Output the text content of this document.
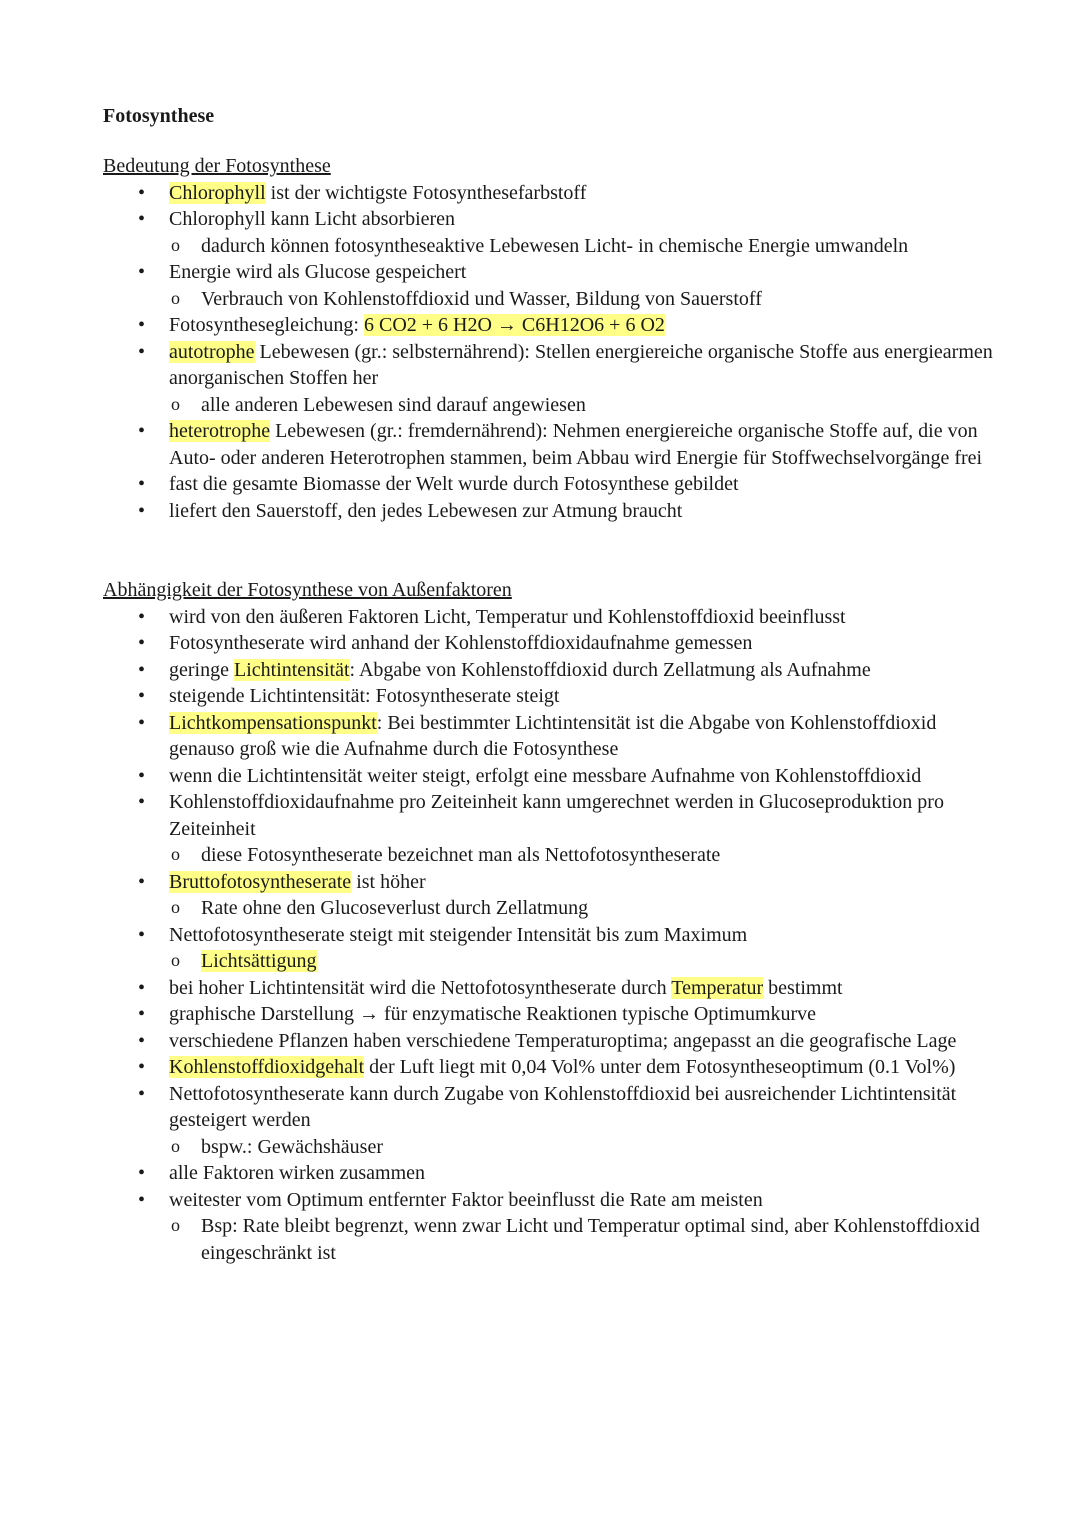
Fotosynthese
Bedeutung der Fotosynthese
• Chlorophyll ist der wichtigste Fotosynthesefarbstoff
• Chlorophyll kann Licht absorbieren
o dadurch können fotosyntheseaktive Lebewesen Licht- in chemische Energie umwandeln
• Energie wird als Glucose gespeichert
o Verbrauch von Kohlenstoffdioxid und Wasser, Bildung von Sauerstoff
• Fotosynthesegleichung: 6 CO2 + 6 H2O → C6H12O6 + 6 O2
• autotrophe Lebewesen (gr.: selbsternährend): Stellen energiereiche organische Stoffe aus energiearmen anorganischen Stoffen her
o alle anderen Lebewesen sind darauf angewiesen
• heterotrophe Lebewesen (gr.: fremdernährend): Nehmen energiereiche organische Stoffe auf, die von Auto- oder anderen Heterotrophen stammen, beim Abbau wird Energie für Stoffwechselvorgänge frei
• fast die gesamte Biomasse der Welt wurde durch Fotosynthese gebildet
• liefert den Sauerstoff, den jedes Lebewesen zur Atmung braucht
Abhängigkeit der Fotosynthese von Außenfaktoren
• wird von den äußeren Faktoren Licht, Temperatur und Kohlenstoffdioxid beeinflusst
• Fotosyntheserate wird anhand der Kohlenstoffdioxidaufnahme gemessen
• geringe Lichtintensität: Abgabe von Kohlenstoffdioxid durch Zellatmung als Aufnahme
• steigende Lichtintensität: Fotosyntheserate steigt
• Lichtkompensationspunkt: Bei bestimmter Lichtintensität ist die Abgabe von Kohlenstoffdioxid genauso groß wie die Aufnahme durch die Fotosynthese
• wenn die Lichtintensität weiter steigt, erfolgt eine messbare Aufnahme von Kohlenstoffdioxid
• Kohlenstoffdioxidaufnahme pro Zeiteinheit kann umgerechnet werden in Glucoseproduktion pro Zeiteinheit
o diese Fotosyntheserate bezeichnet man als Nettofotosyntheserate
• Bruttofotosyntheserate ist höher
o Rate ohne den Glucoseverlust durch Zellatmung
• Nettofotosyntheserate steigt mit steigender Intensität bis zum Maximum
o Lichtsättigung
• bei hoher Lichtintensität wird die Nettofotosyntheserate durch Temperatur bestimmt
• graphische Darstellung → für enzymatische Reaktionen typische Optimumkurve
• verschiedene Pflanzen haben verschiedene Temperaturoptima; angepasst an die geografische Lage
• Kohlenstoffdioxidgehalt der Luft liegt mit 0,04 Vol% unter dem Fotosyntheseoptimum (0.1 Vol%)
• Nettofotosyntheserate kann durch Zugabe von Kohlenstoffdioxid bei ausreichender Lichtintensität gesteigert werden
o bspw.: Gewächshäuser
• alle Faktoren wirken zusammen
• weitester vom Optimum entfernter Faktor beeinflusst die Rate am meisten
o Bsp: Rate bleibt begrenzt, wenn zwar Licht und Temperatur optimal sind, aber Kohlenstoffdioxid eingeschränkt ist
